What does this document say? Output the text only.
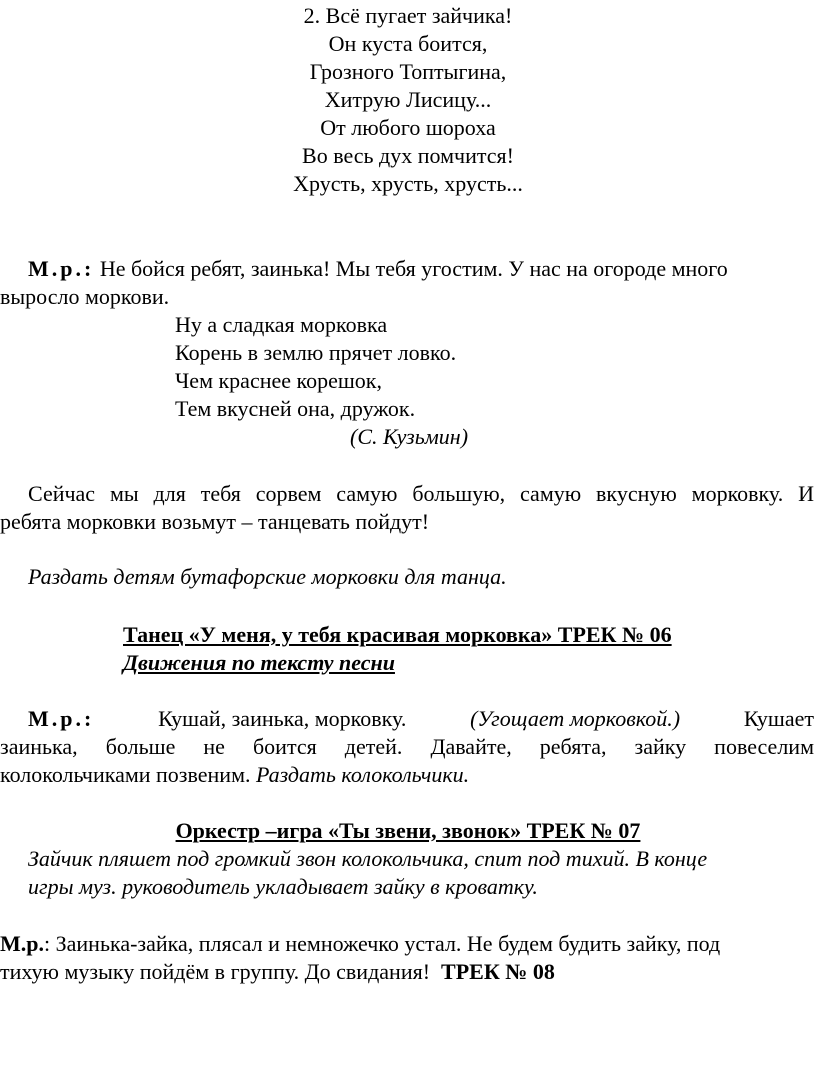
2. Всё пугает зайчика!
Он куста боится,
Грозного Топтыгина,
Хитрую Лисицу...
От любого шороха
Во весь дух помчится!
Хрусть, хрусть, хрусть...
М.р.: Не бойся ребят, заинька! Мы тебя угостим. У нас на огороде много
выросло моркови.
Ну а сладкая морковка
Корень в землю прячет ловко.
Чем краснее корешок,
Тем вкусней она, дружок.
(С. Кузьмин)
Сейчас мы для тебя сорвем самую большую, самую вкусную морковку. И
ребята морковки возьмут – танцевать пойдут!
Раздать детям бутафорские морковки для танца.
Танец «У меня, у тебя красивая морковка» ТРЕК № 06
Движения по тексту песни
М.р.:	Кушай, заинька, морковку.	(Угощает морковкой.)	Кушает
заинька, больше не боится детей. Давайте, ребята, зайку повеселим
колокольчиками позвеним. Раздать колокольчики.
Оркестр –игра «Ты звени, звонок» ТРЕК № 07
Зайчик пляшет под громкий звон колокольчика, спит под тихий. В конце
игры муз. руководитель укладывает зайку в кроватку.
М.р.: Заинька-зайка, плясал и немножечко устал. Не будем будить зайку, под
тихую музыку пойдём в группу. До свидания! ТРЕК № 08
